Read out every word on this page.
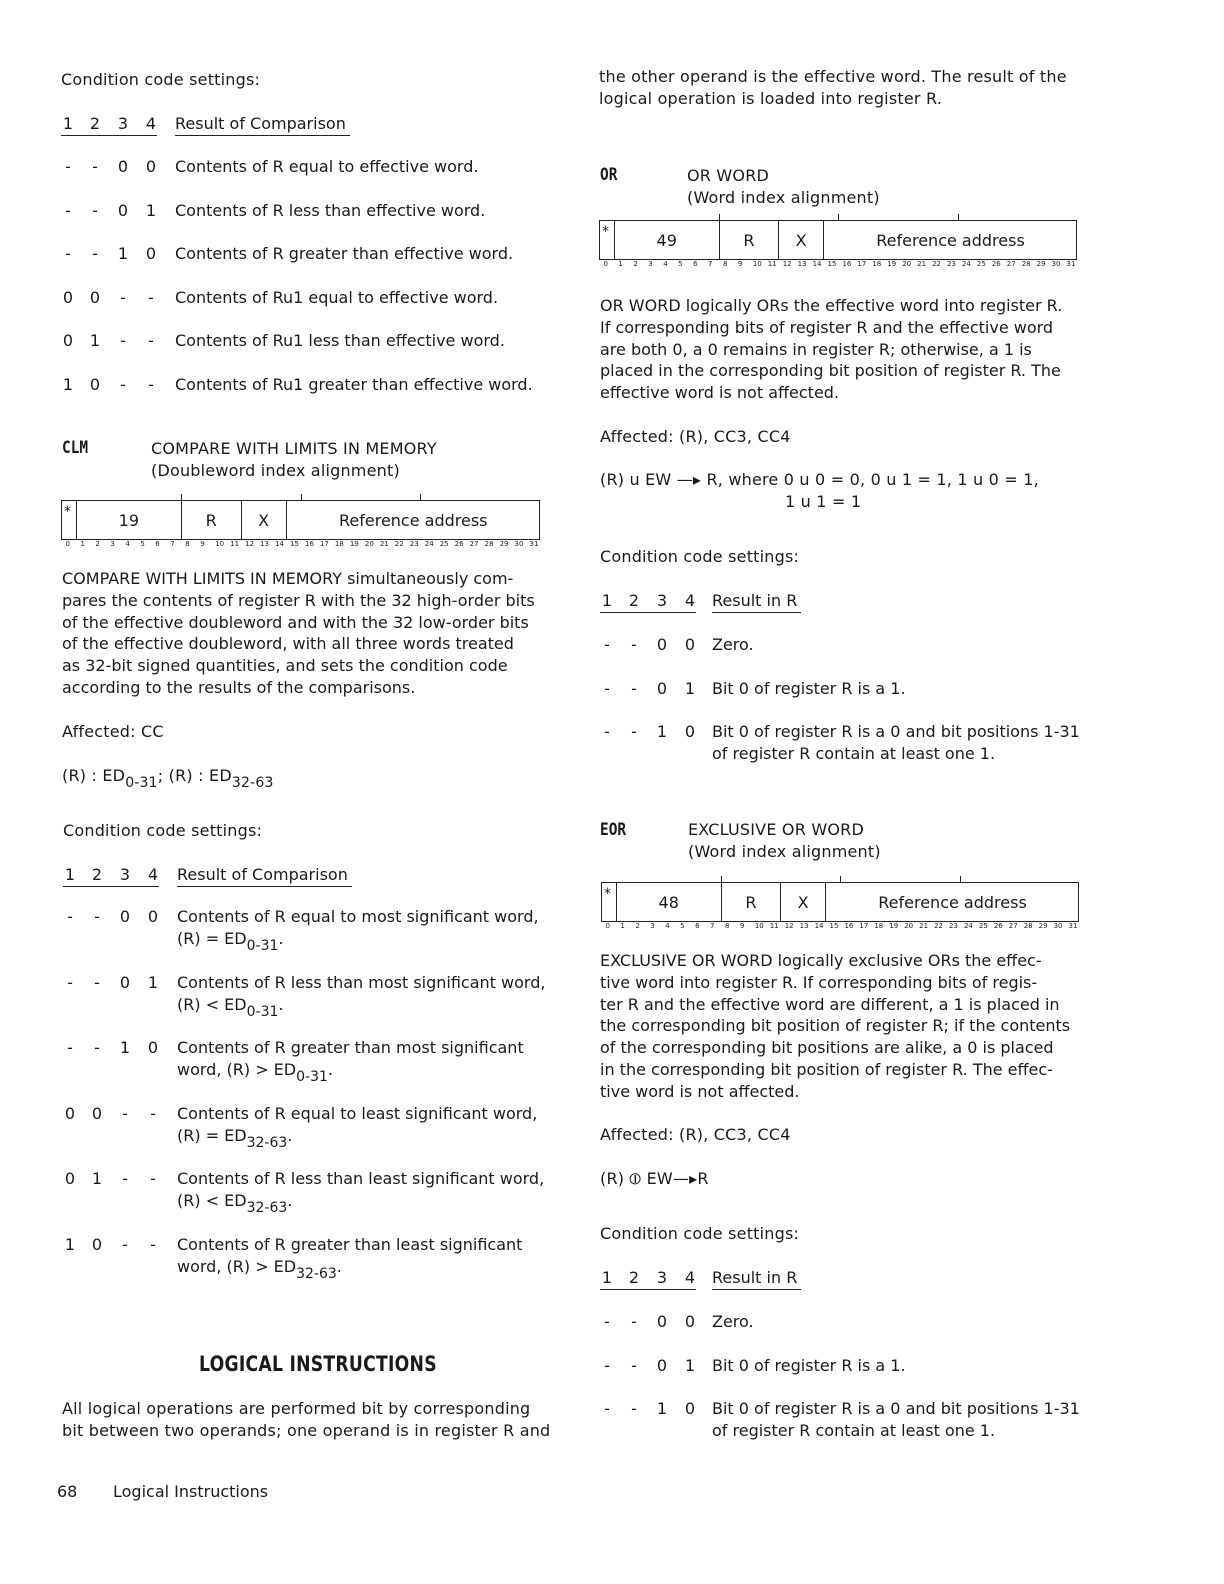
Condition code settings:
1 2 3 4 Result of Comparison
- - 0 0 Contents of R equal to effective word.
- - 0 1 Contents of R less than effective word.
- - 1 0 Contents of R greater than effective word.
0 0 - - Contents of Ru1 equal to effective word.
0 1 - - Contents of Ru1 less than effective word.
1 0 - - Contents of Ru1 greater than effective word.
CLM	COMPARE WITH LIMITS IN MEMORY
(Doubleword index alignment)
*	19	R	X	Reference address
0 1 2 3 4 5 6 7 8 9 10 11 12 13 14 15 16 17 18 19 20 21 22 23 24 25 26 27 28 29 30 31
COMPARE WITH LIMITS IN MEMORY simultaneously com-
pares the contents of register R with the 32 high-order bits
of the effective doubleword and with the 32 low-order bits
of the effective doubleword, with all three words treated
as 32-bit signed quantities, and sets the condition code
according to the results of the comparisons.
Affected: CC
(R) : ED0-31; (R) : ED32-63
Condition code settings:
1 2 3 4 Result of Comparison
- - 0 0 Contents of R equal to most significant word,
(R) = ED0-31.
- - 0 1 Contents of R less than most significant word,
(R) < ED0-31.
- - 1 0 Contents of R greater than most significant
word, (R) > ED0-31.
0 0 - - Contents of R equal to least significant word,
(R) = ED32-63.
0 1 - - Contents of R less than least significant word,
(R) < ED32-63.
1 0 - - Contents of R greater than least significant
word, (R) > ED32-63.
LOGICAL INSTRUCTIONS
All logical operations are performed bit by corresponding
bit between two operands; one operand is in register R and
the other operand is the effective word. The result of the
logical operation is loaded into register R.
OR	OR WORD
(Word index alignment)
*	49	R	X	Reference address
0 1 2 3 4 5 6 7 8 9 10 11 12 13 14 15 16 17 18 19 20 21 22 23 24 25 26 27 28 29 30 31
OR WORD logically ORs the effective word into register R.
If corresponding bits of register R and the effective word
are both 0, a 0 remains in register R; otherwise, a 1 is
placed in the corresponding bit position of register R. The
effective word is not affected.
Affected: (R), CC3, CC4
(R) u EW —▸ R, where 0 u 0 = 0, 0 u 1 = 1, 1 u 0 = 1,
1 u 1 = 1
Condition code settings:
1 2 3 4 Result in R
- - 0 0 Zero.
- - 0 1 Bit 0 of register R is a 1.
- - 1 0 Bit 0 of register R is a 0 and bit positions 1-31
of register R contain at least one 1.
EOR	EXCLUSIVE OR WORD
(Word index alignment)
*	48	R	X	Reference address
0 1 2 3 4 5 6 7 8 9 10 11 12 13 14 15 16 17 18 19 20 21 22 23 24 25 26 27 28 29 30 31
EXCLUSIVE OR WORD logically exclusive ORs the effec-
tive word into register R. If corresponding bits of regis-
ter R and the effective word are different, a 1 is placed in
the corresponding bit position of register R; if the contents
of the corresponding bit positions are alike, a 0 is placed
in the corresponding bit position of register R. The effec-
tive word is not affected.
Affected: (R), CC3, CC4
(R) ⦶ EW—▸R
Condition code settings:
1 2 3 4 Result in R
- - 0 0 Zero.
- - 0 1 Bit 0 of register R is a 1.
- - 1 0 Bit 0 of register R is a 0 and bit positions 1-31
of register R contain at least one 1.
68 Logical Instructions
